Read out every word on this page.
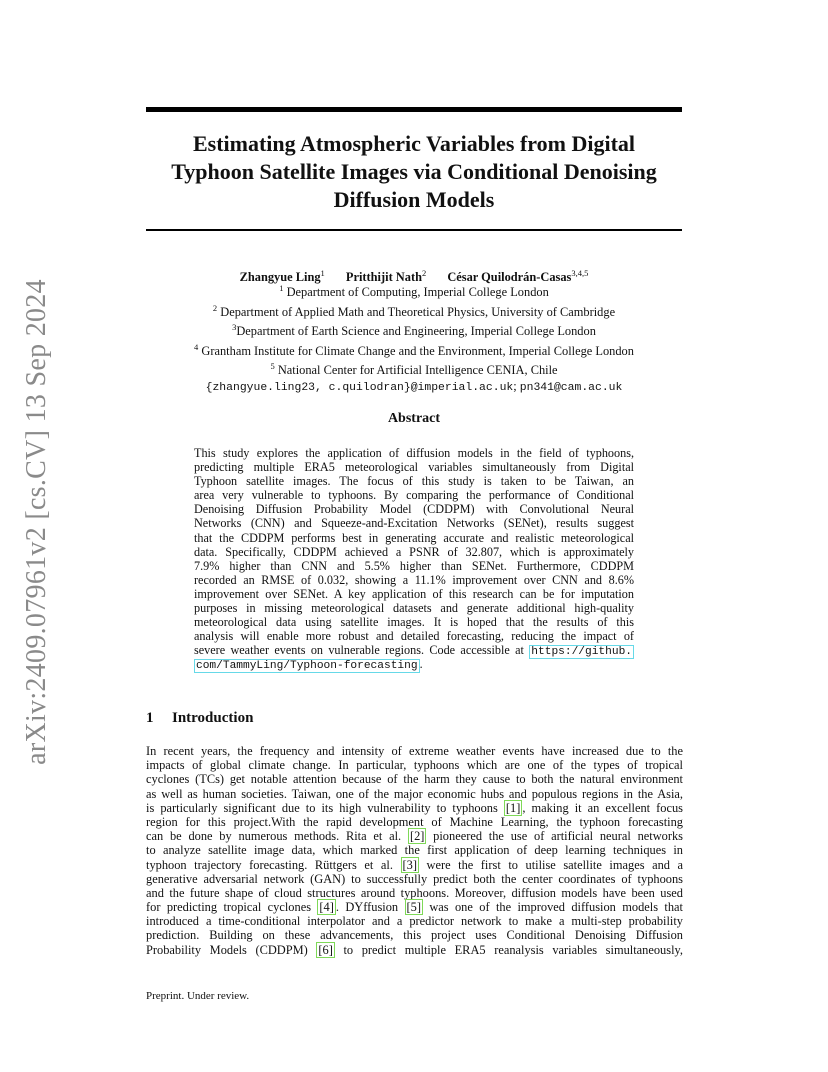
arXiv:2409.07961v2 [cs.CV] 13 Sep 2024
Estimating Atmospheric Variables from Digital
Typhoon Satellite Images via Conditional Denoising
Diffusion Models
Zhangyue Ling$^1$ Pritthijit Nath$^2$ César Quilodrán-Casas$^{3,4,5}$
$^1$ Department of Computing, Imperial College London
$^2$ Department of Applied Math and Theoretical Physics, University of Cambridge
$^3$Department of Earth Science and Engineering, Imperial College London
$^4$ Grantham Institute for Climate Change and the Environment, Imperial College London
$^5$ National Center for Artificial Intelligence CENIA, Chile
{zhangyue.ling23, c.quilodran}@imperial.ac.uk; pn341@cam.ac.uk
Abstract
This study explores the application of diffusion models in the field of typhoons,
predicting multiple ERA5 meteorological variables simultaneously from Digital
Typhoon satellite images. The focus of this study is taken to be Taiwan, an
area very vulnerable to typhoons. By comparing the performance of Conditional
Denoising Diffusion Probability Model (CDDPM) with Convolutional Neural
Networks (CNN) and Squeeze-and-Excitation Networks (SENet), results suggest
that the CDDPM performs best in generating accurate and realistic meteorological
data. Specifically, CDDPM achieved a PSNR of 32.807, which is approximately
7.9% higher than CNN and 5.5% higher than SENet. Furthermore, CDDPM
recorded an RMSE of 0.032, showing a 11.1% improvement over CNN and 8.6%
improvement over SENet. A key application of this research can be for imputation
purposes in missing meteorological datasets and generate additional high-quality
meteorological data using satellite images. It is hoped that the results of this
analysis will enable more robust and detailed forecasting, reducing the impact of
severe weather events on vulnerable regions. Code accessible at https://github.
com/TammyLing/Typhoon-forecasting .
1 Introduction
In recent years, the frequency and intensity of extreme weather events have increased due to the
impacts of global climate change. In particular, typhoons which are one of the types of tropical
cyclones (TCs) get notable attention because of the harm they cause to both the natural environment
as well as human societies. Taiwan, one of the major economic hubs and populous regions in the Asia,
is particularly significant due to its high vulnerability to typhoons [1] , making it an excellent focus
region for this project.With the rapid development of Machine Learning, the typhoon forecasting
can be done by numerous methods. Rita et al. [2] pioneered the use of artificial neural networks
to analyze satellite image data, which marked the first application of deep learning techniques in
typhoon trajectory forecasting. Rüttgers et al. [3] were the first to utilise satellite images and a
generative adversarial network (GAN) to successfully predict both the center coordinates of typhoons
and the future shape of cloud structures around typhoons. Moreover, diffusion models have been used
for predicting tropical cyclones [4] . DYffusion [5] was one of the improved diffusion models that
introduced a time-conditional interpolator and a predictor network to make a multi-step probability
prediction. Building on these advancements, this project uses Conditional Denoising Diffusion
Probability Models (CDDPM) [6] to predict multiple ERA5 reanalysis variables simultaneously,
Preprint. Under review.
